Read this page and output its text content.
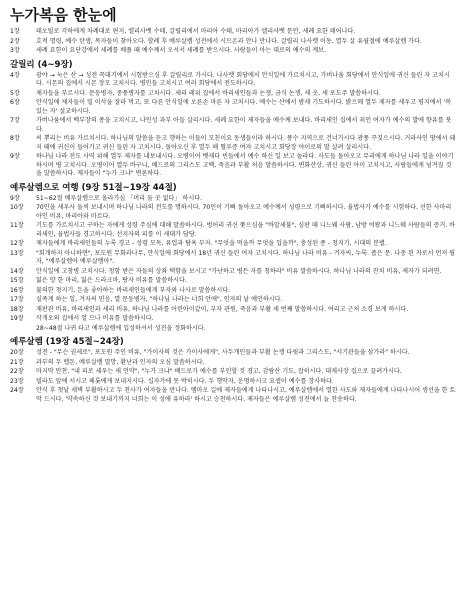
누가복음 한눈에
1장	데오빌로 각하에게 차례대로 편지, 엘리사벳 수태, 갈릴리에서 마리아 수태, 마리아가 엘리사벳 문안, 세례 요한 태어나다.
2장	호적 명령, 예수 탄생, 목자들이 찾아오다. 할례 후 예루살렘 성전에서 시므온과 안나 만나다. 갈릴리 나사렛 이동. 열두 살 유월절에 예루살렘 가다.
3장	세례 요한이 요단강에서 세례를 베풀 때 예수께서 오셔서 세례를 받으시다. 사람들이 아는 대로의 예수의 계보.
갈릴리 (4~9장)
4장	광야 → 눅은 산 → 성전 꼭대기에서 시험받으심 후 갈릴리로 가시다. 나사렛 회당에서 안식일에 가르치시고, 가버나움 회당에서 안식일에 귀신 들린 자 고치시다. 시몬의 집에서 시몬 장모 고치시다. 병인들 고치시고 여러 회당에서 전도하시다.
5장	제자들을 부르시다. 문둥병자, 중풍병자를 고치시다. 세리 레위 집에서 바리새인들과 논쟁, 금식 논쟁, 새 옷, 새 포도주 말씀하시다.
6장	안식일에 제자들이 밀 이삭을 잘라 먹고, 또 다른 안식일에 오른손 마른 자 고치시다. 예수는 산에서 밤새 기도하시다. 밝으매 열두 제자를 세우고 평지에서 '복 있는 자' 설교하시다.
7장	가버나움에서 백부장의 종을 고치시고, 나인성 과부 아들 살리시다. 세례 요한이 제자들을 예수께 보내다. 바리새인 집에서 죄인 여자가 예수의 발에 향유를 붓다.
8장	씨 뿌리는 비유 가르치시다. 하나님의 말씀을 듣고 행하는 이들이 모친이요 동생들이라 하시다. 풍수 지역으로 건너가시다 광풍 꾸짖으시다. 거라사인 땅에서 돼지 떼에 귀신이 들어가고 귀신 들린 자 고치시다. 돌아오신 후 열두 해 혈루증 여자 고치시고 회당장 야이로의 딸 살려 살리시다.
9장	하나님 나라 전도 사역 위해 열두 제자를 내보내시다. 오병이어 벳새다 빈들에서 예수 하신 일 보고 놀라다. 사도들 돌아오고 무리에게 하나님 나라 일을 이야기하시며 병 고치시다. 오병이어 열두 바구니, 베드로의 그리스도 고백, 죽음과 부활 처음 말씀하시다. 변화산상, 귀신 들린 아이 고치시고, 사람들에게 넘겨질 것을 말씀하시다. 제자들이 "누가 크냐" 변론하다.
예루살렘으로 여행 (9장 51절~19장 44절)
9장	51~62절 예루살렘으로 올라가심 「머리 둘 곳 없다」 하시다.
10장	70인을 세우사 둘씩 보내시며 하나님 나라의 전도를 명하시다. 70인이 기뻐 돌아오고 예수께서 성령으로 기뻐하시다. 율법사가 예수를 시험하다. 선한 사마리아인 비유, 마리아와 마르다.
11장	기도를 가르치시고 구하는 자에게 성령 주심에 대해 말씀하시다. 벙어리 귀신 쫓으심을 "바알세불", 심판 때 니느웨 사람, 남방 여왕과 니느웨 사람들의 증거. 바리새인, 율법사들 경고하시다. 선지자의 피를 이 세대가 담당.
12장	제자들에게 바리새인들의 누룩 경고 - 성령 모독, 유업과 탐욕 부자. "무엇을 먹을까 무엇을 입을까", 충성된 종 - 청지기, 시대의 분별.
13장	"회개하지 아니하면", 포도원 무화과나무, 안식일에 회당에서 18년 귀신 들린 여자 고치시다. 하나님 나라 비유 - 겨자씨, 누룩. 좁은 문. 나중 된 자로서 먼저 될 자, "예루살렘아 예루살렘아".
14장	안식일에 고창병 고치시다. 청함 받은 자들의 상좌 택함을 보시고 "가난하고 병든 자를 청하라" 비유 말씀하시다. 하나님 나라의 잔치 비유, 제자가 되려면.
15장	잃은 양 한 마리, 잃은 드라크마, 탕자 비유를 말씀하시다.
16장	불의한 청지기, 돈을 좋아하는 바리새인들에게 부자와 나사로 말씀하시다.
17장	실족게 하는 일, 겨자씨 믿음, 열 문둥병자, "하나님 나라는 너희 안에", 인자의 날 예언하시다.
18장	재판관 비유, 바리새인과 세리 비유, 하나님 나라를 어린아이같이, 부자 관원, 죽음과 부활 세 번째 말씀하시다. 여리고 근처 소경 보게 하시다.
19장	삭개오의 집에서 열 므나 비유를 말씀하시다.
28~48절 나귀 타고 예루살렘에 입성하셔서 성전을 정화하시다.
예루살렘 (19장 45절~24장)
20장	성전 - "무슨 권세로", 포도원 주인 비유, "가이사의 것은 가이사에게", 사두개인들과 부활 논쟁 다윗과 그리스도, "서기관들을 삼가라" 하시다.
21장	과부의 두 렙돈, 예루살렘 멸망, 환난과 인자의 오심 말씀하시다.
22장	마지막 만찬, "내 피로 세우는 새 언약", "누가 크냐" 베드로가 예수를 부인할 것 경고, 감람산 기도, 잡히시다. 대제사장 집으로 끌려가시다.
23장	빌라도 앞에 서시고 헤롯에게 보내지시다. 십자가에 못 박히시다. 두 행악자, 운명하시고 요셉이 예수를 장사하다.
24장	안식 후 첫날 새벽 부활하시고 두 천사가 여자들을 만나다. 엠마오 길에 제자들에게 나타나시고, 예루살렘에서 열한 사도와 제자들에게 나타나시어 생선을 한 토막 드시다. '약속하신 것 보내기까지 너희는 이 성에 유하라' 하시고 승천하시다. 제자들은 예루살렘 성전에서 늘 찬송하다.
